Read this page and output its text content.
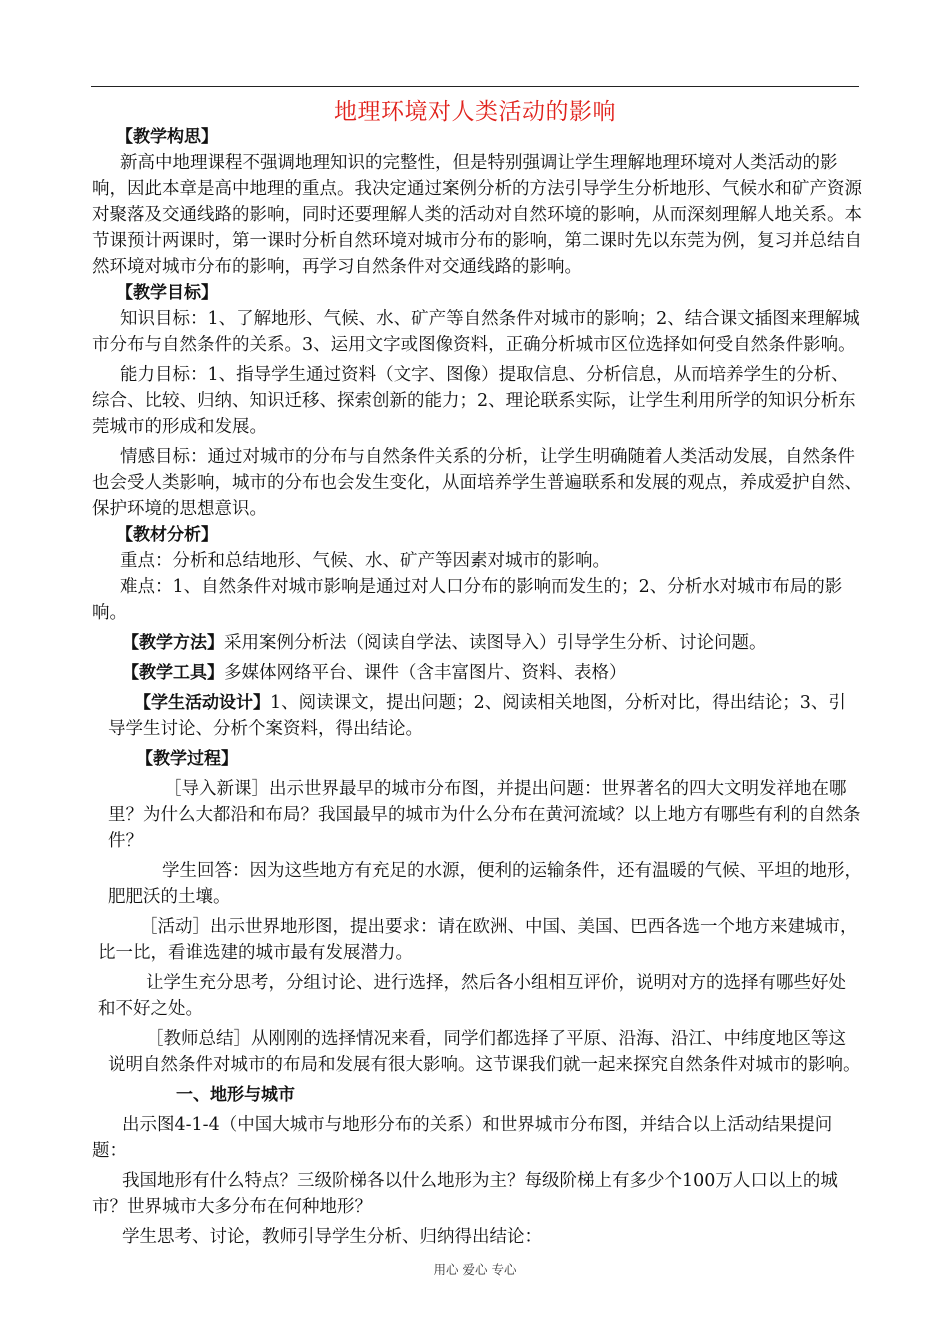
地理环境对人类活动的影响

【教学构思】

新高中地理课程不强调地理知识的完整性，但是特别强调让学生理解地理环境对人类活动的影响，因此本章是高中地理的重点。我决定通过案例分析的方法引导学生分析地形、气候水和矿产资源对聚落及交通线路的影响，同时还要理解人类的活动对自然环境的影响，从而深刻理解人地关系。本节课预计两课时，第一课时分析自然环境对城市分布的影响，第二课时先以东莞为例，复习并总结自然环境对城市分布的影响，再学习自然条件对交通线路的影响。

【教学目标】

知识目标：1、了解地形、气候、水、矿产等自然条件对城市的影响；2、结合课文插图来理解城市分布与自然条件的关系。3、运用文字或图像资料，正确分析城市区位选择如何受自然条件影响。

能力目标：1、指导学生通过资料（文字、图像）提取信息、分析信息，从而培养学生的分析、综合、比较、归纳、知识迁移、探索创新的能力；2、理论联系实际，让学生利用所学的知识分析东莞城市的形成和发展。

情感目标：通过对城市的分布与自然条件关系的分析，让学生明确随着人类活动发展，自然条件也会受人类影响，城市的分布也会发生变化，从面培养学生普遍联系和发展的观点，养成爱护自然、保护环境的思想意识。

【教材分析】

重点：分析和总结地形、气候、水、矿产等因素对城市的影响。

难点：1、自然条件对城市影响是通过对人口分布的影响而发生的；2、分析水对城市布局的影响。

【教学方法】采用案例分析法（阅读自学法、读图导入）引导学生分析、讨论问题。

【教学工具】多媒体网络平台、课件（含丰富图片、资料、表格）

【学生活动设计】1、阅读课文，提出问题；2、阅读相关地图，分析对比，得出结论；3、引导学生讨论、分析个案资料，得出结论。

【教学过程】

［导入新课］出示世界最早的城市分布图，并提出问题：世界著名的四大文明发祥地在哪里？为什么大都沿和布局？我国最早的城市为什么分布在黄河流域？以上地方有哪些有利的自然条件？

学生回答：因为这些地方有充足的水源，便利的运输条件，还有温暖的气候、平坦的地形，肥肥沃的土壤。

［活动］出示世界地形图，提出要求：请在欧洲、中国、美国、巴西各选一个地方来建城市，比一比，看谁选建的城市最有发展潜力。

让学生充分思考，分组讨论、进行选择，然后各小组相互评价，说明对方的选择有哪些好处和不好之处。

［教师总结］从刚刚的选择情况来看，同学们都选择了平原、沿海、沿江、中纬度地区等这说明自然条件对城市的布局和发展有很大影响。这节课我们就一起来探究自然条件对城市的影响。

一、地形与城市

出示图4-1-4（中国大城市与地形分布的关系）和世界城市分布图，并结合以上活动结果提问题：

我国地形有什么特点？三级阶梯各以什么地形为主？每级阶梯上有多少个100万人口以上的城市？世界城市大多分布在何种地形？

学生思考、讨论，教师引导学生分析、归纳得出结论：

用心 爱心 专心
